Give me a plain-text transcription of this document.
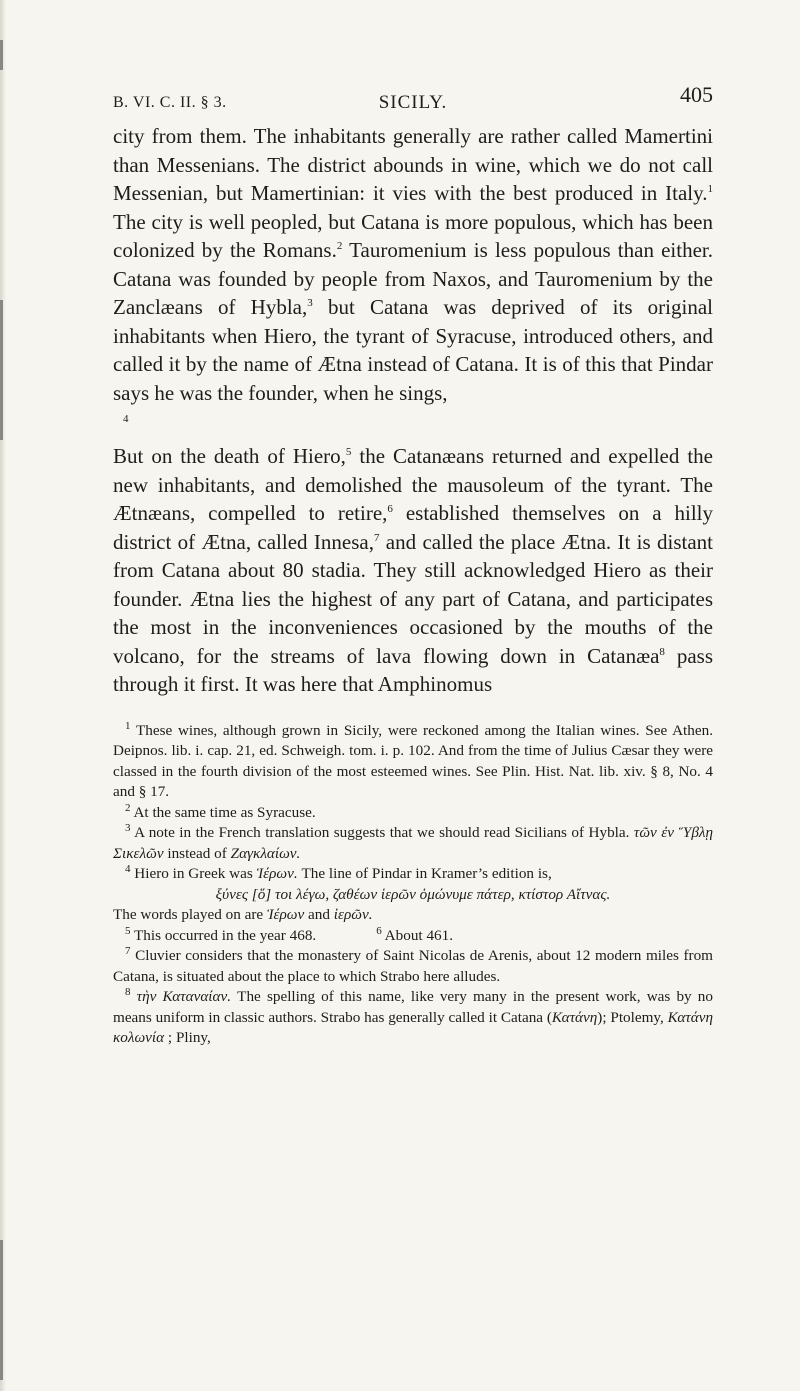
B. VI. C. II. § 3.	SICILY.	405

city from them. The inhabitants generally are rather called Mamertini than Messenians. The district abounds in wine, which we do not call Messenian, but Mamertinian: it vies with the best produced in Italy.$^1$ The city is well peopled, but Catana is more populous, which has been colonized by the Romans.$^2$ Tauromenium is less populous than either. Catana was founded by people from Naxos, and Tauromenium by the Zanclæans of Hybla,$^3$ but Catana was deprived of its original inhabitants when Hiero, the tyrant of Syracuse, introduced others, and called it by the name of Ætna instead of Catana. It is of this that Pindar says he was the founder, when he sings,

$^4$

But on the death of Hiero,$^5$ the Catanæans returned and expelled the new inhabitants, and demolished the mausoleum of the tyrant. The Ætnæans, compelled to retire,$^6$ established themselves on a hilly district of Ætna, called Innesa,$^7$ and called the place Ætna. It is distant from Catana about 80 stadia. They still acknowledged Hiero as their founder. Ætna lies the highest of any part of Catana, and participates the most in the inconveniences occasioned by the mouths of the volcano, for the streams of lava flowing down in Catanæa$^8$ pass through it first. It was here that Amphinomus

$^1$ These wines, although grown in Sicily, were reckoned among the Italian wines. See Athen. Deipnos. lib. i. cap. 21, ed. Schweigh. tom. i. p. 102. And from the time of Julius Cæsar they were classed in the fourth division of the most esteemed wines. See Plin. Hist. Nat. lib. xiv. § 8, No. 4 and § 17.

$^2$ At the same time as Syracuse.

$^3$ A note in the French translation suggests that we should read Sicilians of Hybla. τῶν ἐν Ὕβλῃ Σικελῶν instead of Ζαγκλαίων.

$^4$ Hiero in Greek was Ἱέρων. The line of Pindar in Kramer’s edition is,

ξύνες [ὅ] τοι λέγω, ζαθέων ἱερῶν ὁμώνυμε πάτερ, κτίστορ Αἴτνας.

The words played on are Ἱέρων and ἱερῶν.

$^5$ This occurred in the year 468.	$^6$ About 461.

$^7$ Cluvier considers that the monastery of Saint Nicolas de Arenis, about 12 modern miles from Catana, is situated about the place to which Strabo here alludes.

$^8$ τὴν Καταναίαν. The spelling of this name, like very many in the present work, was by no means uniform in classic authors. Strabo has generally called it Catana (Κατάνη); Ptolemy, Κατάνη κολωνία ; Pliny,
